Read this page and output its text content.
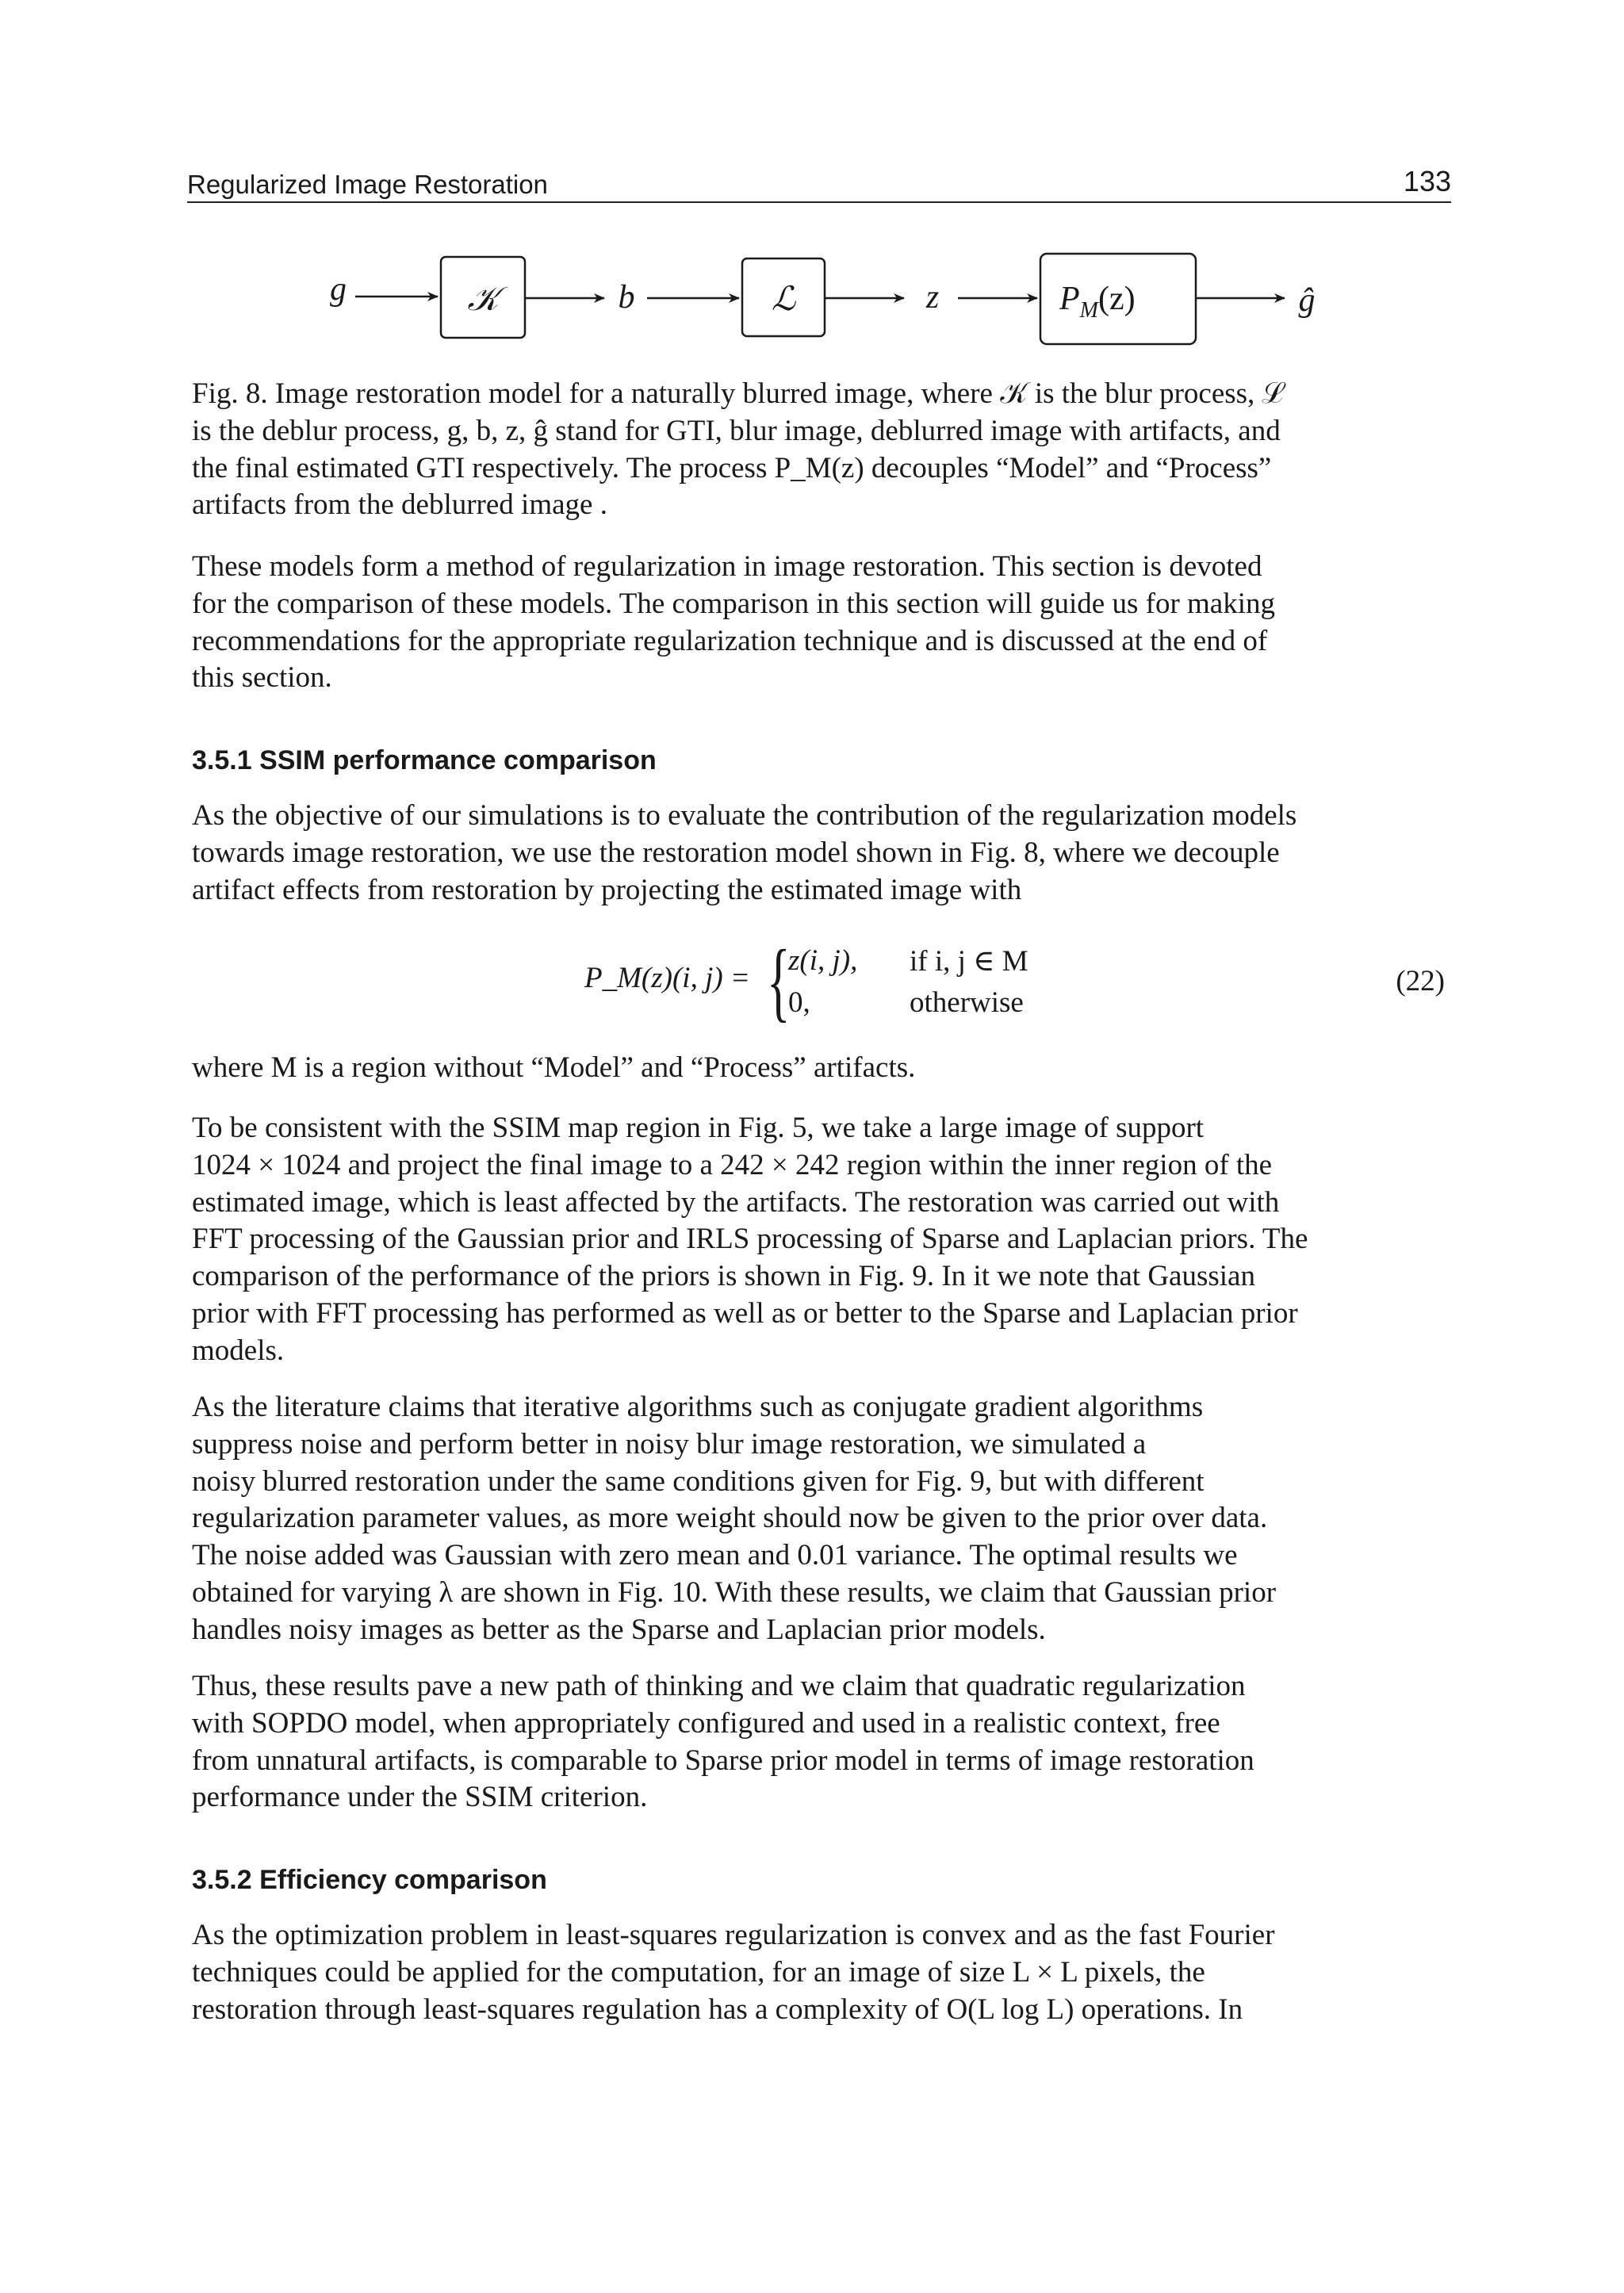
Regularized Image Restoration	133
g	𝒦	b	ℒ	z	$P_M(z)$	ĝ
Fig. 8. Image restoration model for a naturally blurred image, where 𝒦 is the blur process, ℒ
is the deblur process, g, b, z, ĝ stand for GTI, blur image, deblurred image with artifacts, and
the final estimated GTI respectively. The process P_M(z) decouples “Model” and “Process”
artifacts from the deblurred image .
These models form a method of regularization in image restoration. This section is devoted
for the comparison of these models. The comparison in this section will guide us for making
recommendations for the appropriate regularization technique and is discussed at the end of
this section.
3.5.1 SSIM performance comparison
As the objective of our simulations is to evaluate the contribution of the regularization models
towards image restoration, we use the restoration model shown in Fig. 8, where we decouple
artifact effects from restoration by projecting the estimated image with
P_M(z)(i, j) = {
z(i, j), if i, j ∈ M
0,	otherwise
(22)
where M is a region without “Model” and “Process” artifacts.
To be consistent with the SSIM map region in Fig. 5, we take a large image of support
1024 × 1024 and project the final image to a 242 × 242 region within the inner region of the
estimated image, which is least affected by the artifacts. The restoration was carried out with
FFT processing of the Gaussian prior and IRLS processing of Sparse and Laplacian priors. The
comparison of the performance of the priors is shown in Fig. 9. In it we note that Gaussian
prior with FFT processing has performed as well as or better to the Sparse and Laplacian prior
models.
As the literature claims that iterative algorithms such as conjugate gradient algorithms
suppress noise and perform better in noisy blur image restoration, we simulated a
noisy blurred restoration under the same conditions given for Fig. 9, but with different
regularization parameter values, as more weight should now be given to the prior over data.
The noise added was Gaussian with zero mean and 0.01 variance. The optimal results we
obtained for varying λ are shown in Fig. 10. With these results, we claim that Gaussian prior
handles noisy images as better as the Sparse and Laplacian prior models.
Thus, these results pave a new path of thinking and we claim that quadratic regularization
with SOPDO model, when appropriately configured and used in a realistic context, free
from unnatural artifacts, is comparable to Sparse prior model in terms of image restoration
performance under the SSIM criterion.
3.5.2 Efficiency comparison
As the optimization problem in least-squares regularization is convex and as the fast Fourier
techniques could be applied for the computation, for an image of size L × L pixels, the
restoration through least-squares regulation has a complexity of O(L log L) operations. In
